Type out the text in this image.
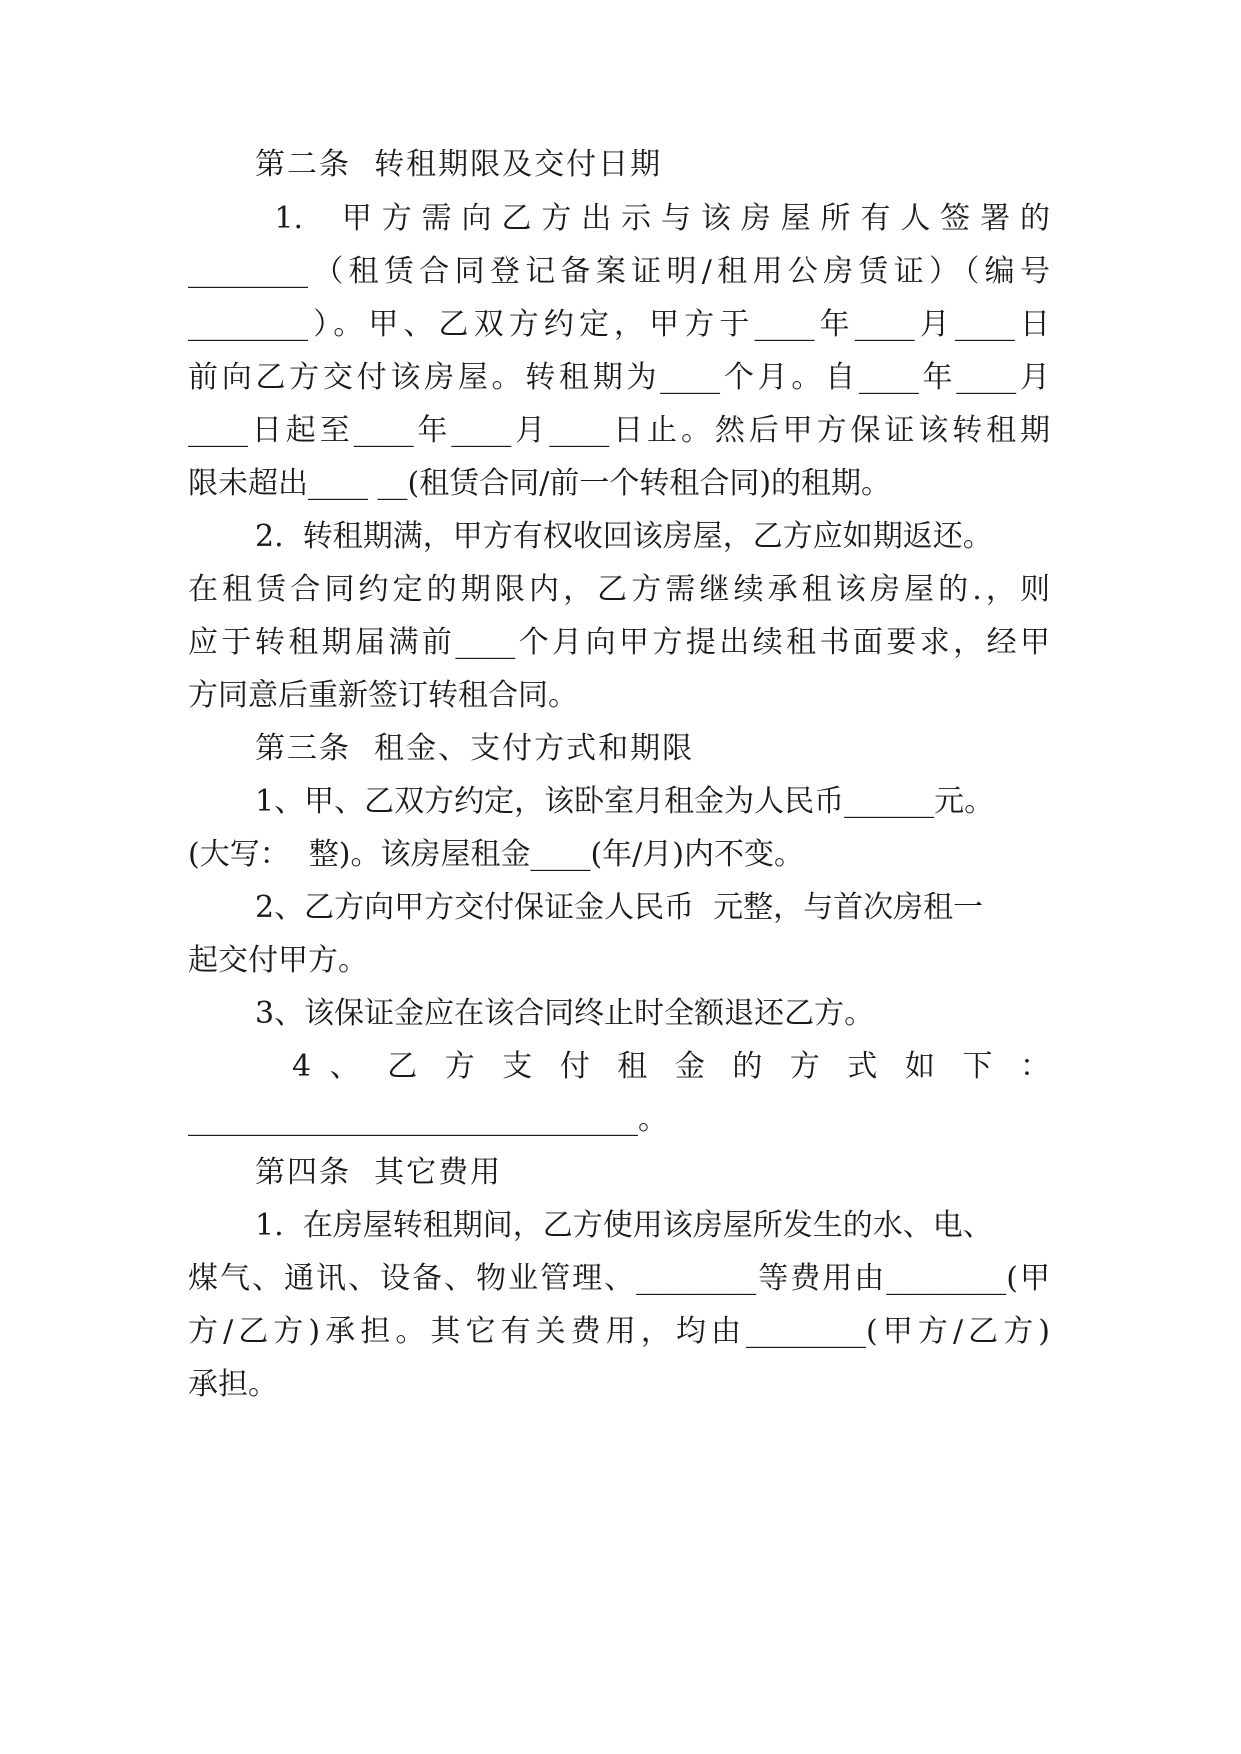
第二条  转租期限及交付日期
1.  甲方需向乙方出示与该房屋所有人签署的
________（租赁合同登记备案证明/租用公房赁证）（编号
________）。甲、乙双方约定，甲方于____年____月____日
前向乙方交付该房屋。转租期为____个月。自____年____月
____日起至____年____月____日止。然后甲方保证该转租期
限未超出____ __(租赁合同/前一个转租合同)的租期。
2.  转租期满，甲方有权收回该房屋，乙方应如期返还。
在租赁合同约定的期限内，乙方需继续承租该房屋的.，则
应于转租期届满前____个月向甲方提出续租书面要求，经甲
方同意后重新签订转租合同。
第三条  租金、支付方式和期限
1、甲、乙双方约定，该卧室月租金为人民币______元。
(大写：  整)。该房屋租金____(年/月)内不变。
2、乙方向甲方交付保证金人民币  元整，与首次房租一
起交付甲方。
3、该保证金应在该合同终止时全额退还乙方。
4 、 乙 方 支 付 租 金 的 方 式 如 下 ：
______________________________。
第四条  其它费用
1.  在房屋转租期间，乙方使用该房屋所发生的水、电、
煤气、通讯、设备、物业管理、________等费用由________(甲
方/乙方)承担。其它有关费用，均由________(甲方/乙方)
承担。
